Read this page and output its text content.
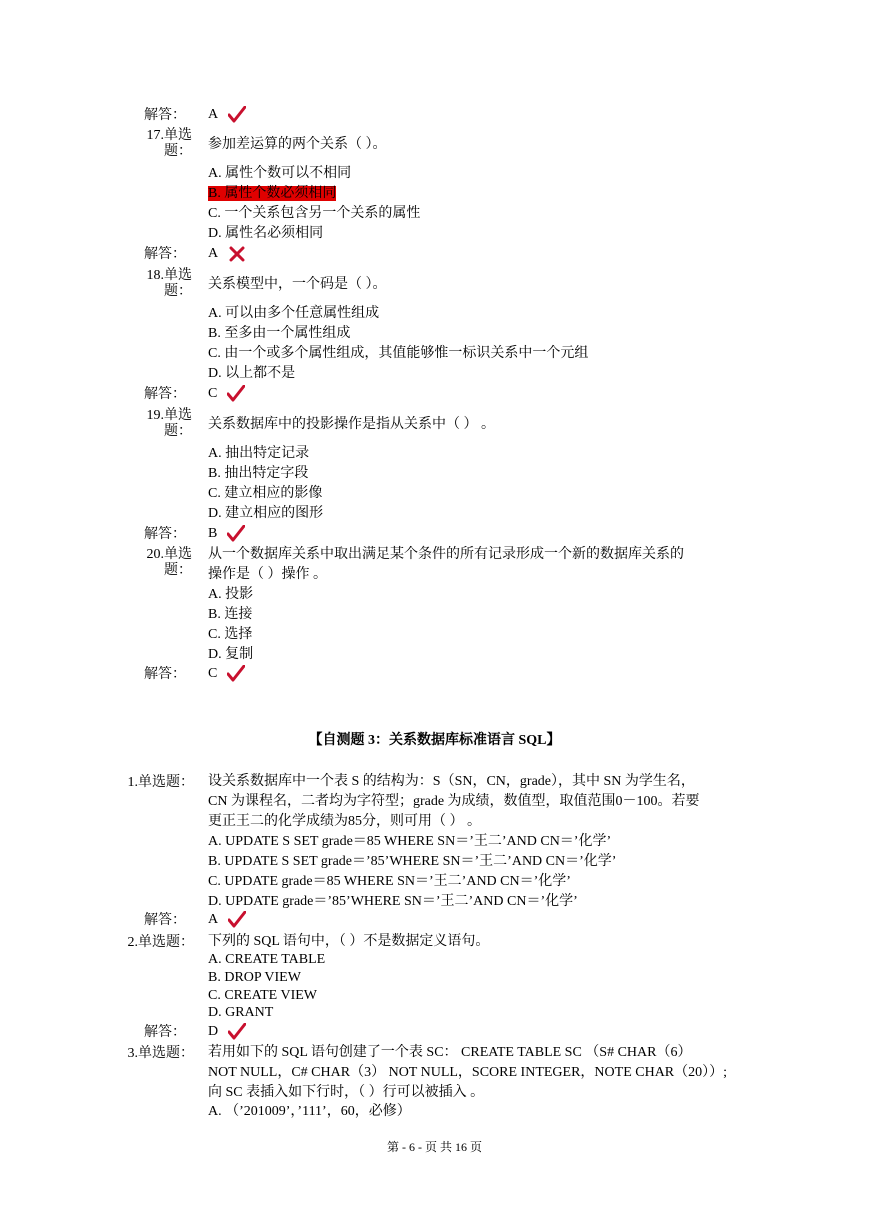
解答： A
17.单选
题： 参加差运算的两个关系（ ）。
A. 属性个数可以不相同
B. 属性个数必须相同
C. 一个关系包含另一个关系的属性
D. 属性名必须相同
解答： A
18.单选
题： 关系模型中，一个码是（ ）。
A. 可以由多个任意属性组成
B. 至多由一个属性组成
C. 由一个或多个属性组成，其值能够惟一标识关系中一个元组
D. 以上都不是
解答： C
19.单选
题： 关系数据库中的投影操作是指从关系中（ ） 。
A. 抽出特定记录
B. 抽出特定字段
C. 建立相应的影像
D. 建立相应的图形
解答： B
20.单选
题：
从一个数据库关系中取出满足某个条件的所有记录形成一个新的数据库关系的
操作是（ ）操作 。
A. 投影
B. 连接
C. 选择
D. 复制
解答： C
【自测题 3：关系数据库标准语言 SQL】
1.单选题： 设关系数据库中一个表 S 的结构为：S（SN，CN，grade），其中 SN 为学生名，
CN 为课程名，二者均为字符型；grade 为成绩，数值型，取值范围0－100。若要
更正王二的化学成绩为85分，则可用（ ） 。
A. UPDATE S SET grade＝85 WHERE SN＝’王二’AND CN＝’化学’
B. UPDATE S SET grade＝’85’WHERE SN＝’王二’AND CN＝’化学’
C. UPDATE grade＝85 WHERE SN＝’王二’AND CN＝’化学’
D. UPDATE grade＝’85’WHERE SN＝’王二’AND CN＝’化学’
解答： A
2.单选题： 下列的 SQL 语句中，（ ）不是数据定义语句。
A. CREATE TABLE
B. DROP VIEW
C. CREATE VIEW
D. GRANT
解答： D
3.单选题： 若用如下的 SQL 语句创建了一个表 SC： CREATE TABLE SC （S# CHAR（6）
NOT NULL，C# CHAR（3） NOT NULL，SCORE INTEGER，NOTE CHAR（20））;
向 SC 表插入如下行时，（ ）行可以被插入 。
A. （’201009’，’111’，60，必修）
第 - 6 - 页 共 16 页
